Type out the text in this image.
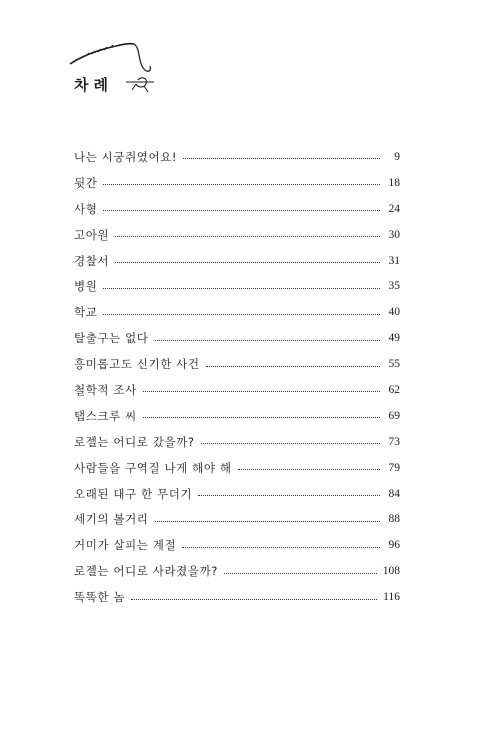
차례
나는 시궁쥐였어요!	9
뒷간	18
사형	24
고아원	30
경찰서	31
병원	35
학교	40
탈출구는 없다	49
흥미롭고도 신기한 사건	55
철학적 조사	62
탭스크루 씨	69
로젤는 어디로 갔을까?	73
사람들을 구역질 나게 해야 해	79
오래된 대구 한 무더기	84
세기의 볼거리	88
거미가 살피는 계절	96
로젤는 어디로 사라졌을까?	108
똑똑한 놈	116
